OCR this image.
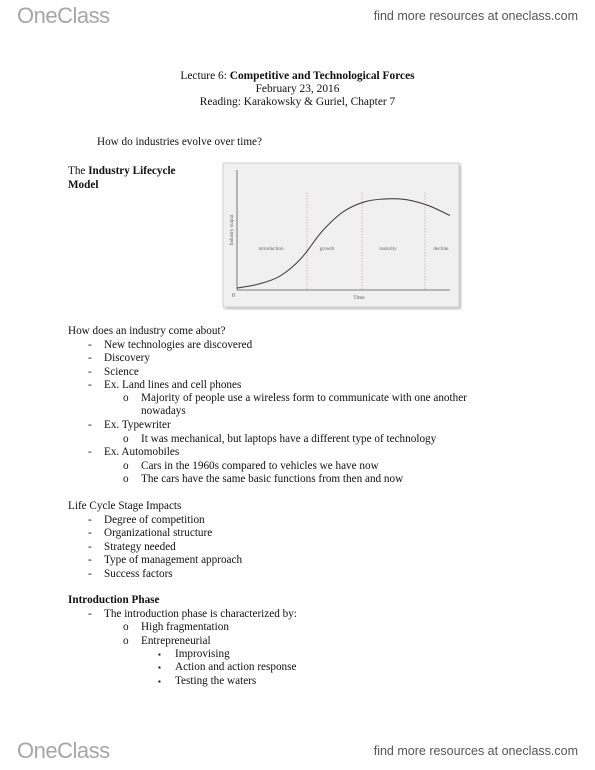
OneClass	find more resources at oneclass.com
Lecture 6: Competitive and Technological Forces
February 23, 2016
Reading: Karakowsky & Guriel, Chapter 7
How do industries evolve over time?
The Industry Lifecycle
Model
Industry output
0	Time
introduction	growth	maturity	decline
How does an industry come about?
- New technologies are discovered
- Discovery
- Science
- Ex. Land lines and cell phones
o Majority of people use a wireless form to communicate with one another
nowadays
- Ex. Typewriter
o It was mechanical, but laptops have a different type of technology
- Ex. Automobiles
o Cars in the 1960s compared to vehicles we have now
o The cars have the same basic functions from then and now
Life Cycle Stage Impacts
- Degree of competition
- Organizational structure
- Strategy needed
- Type of management approach
- Success factors
Introduction Phase
- The introduction phase is characterized by:
o High fragmentation
o Entrepreneurial
▪ Improvising
▪ Action and action response
▪ Testing the waters
OneClass	find more resources at oneclass.com
